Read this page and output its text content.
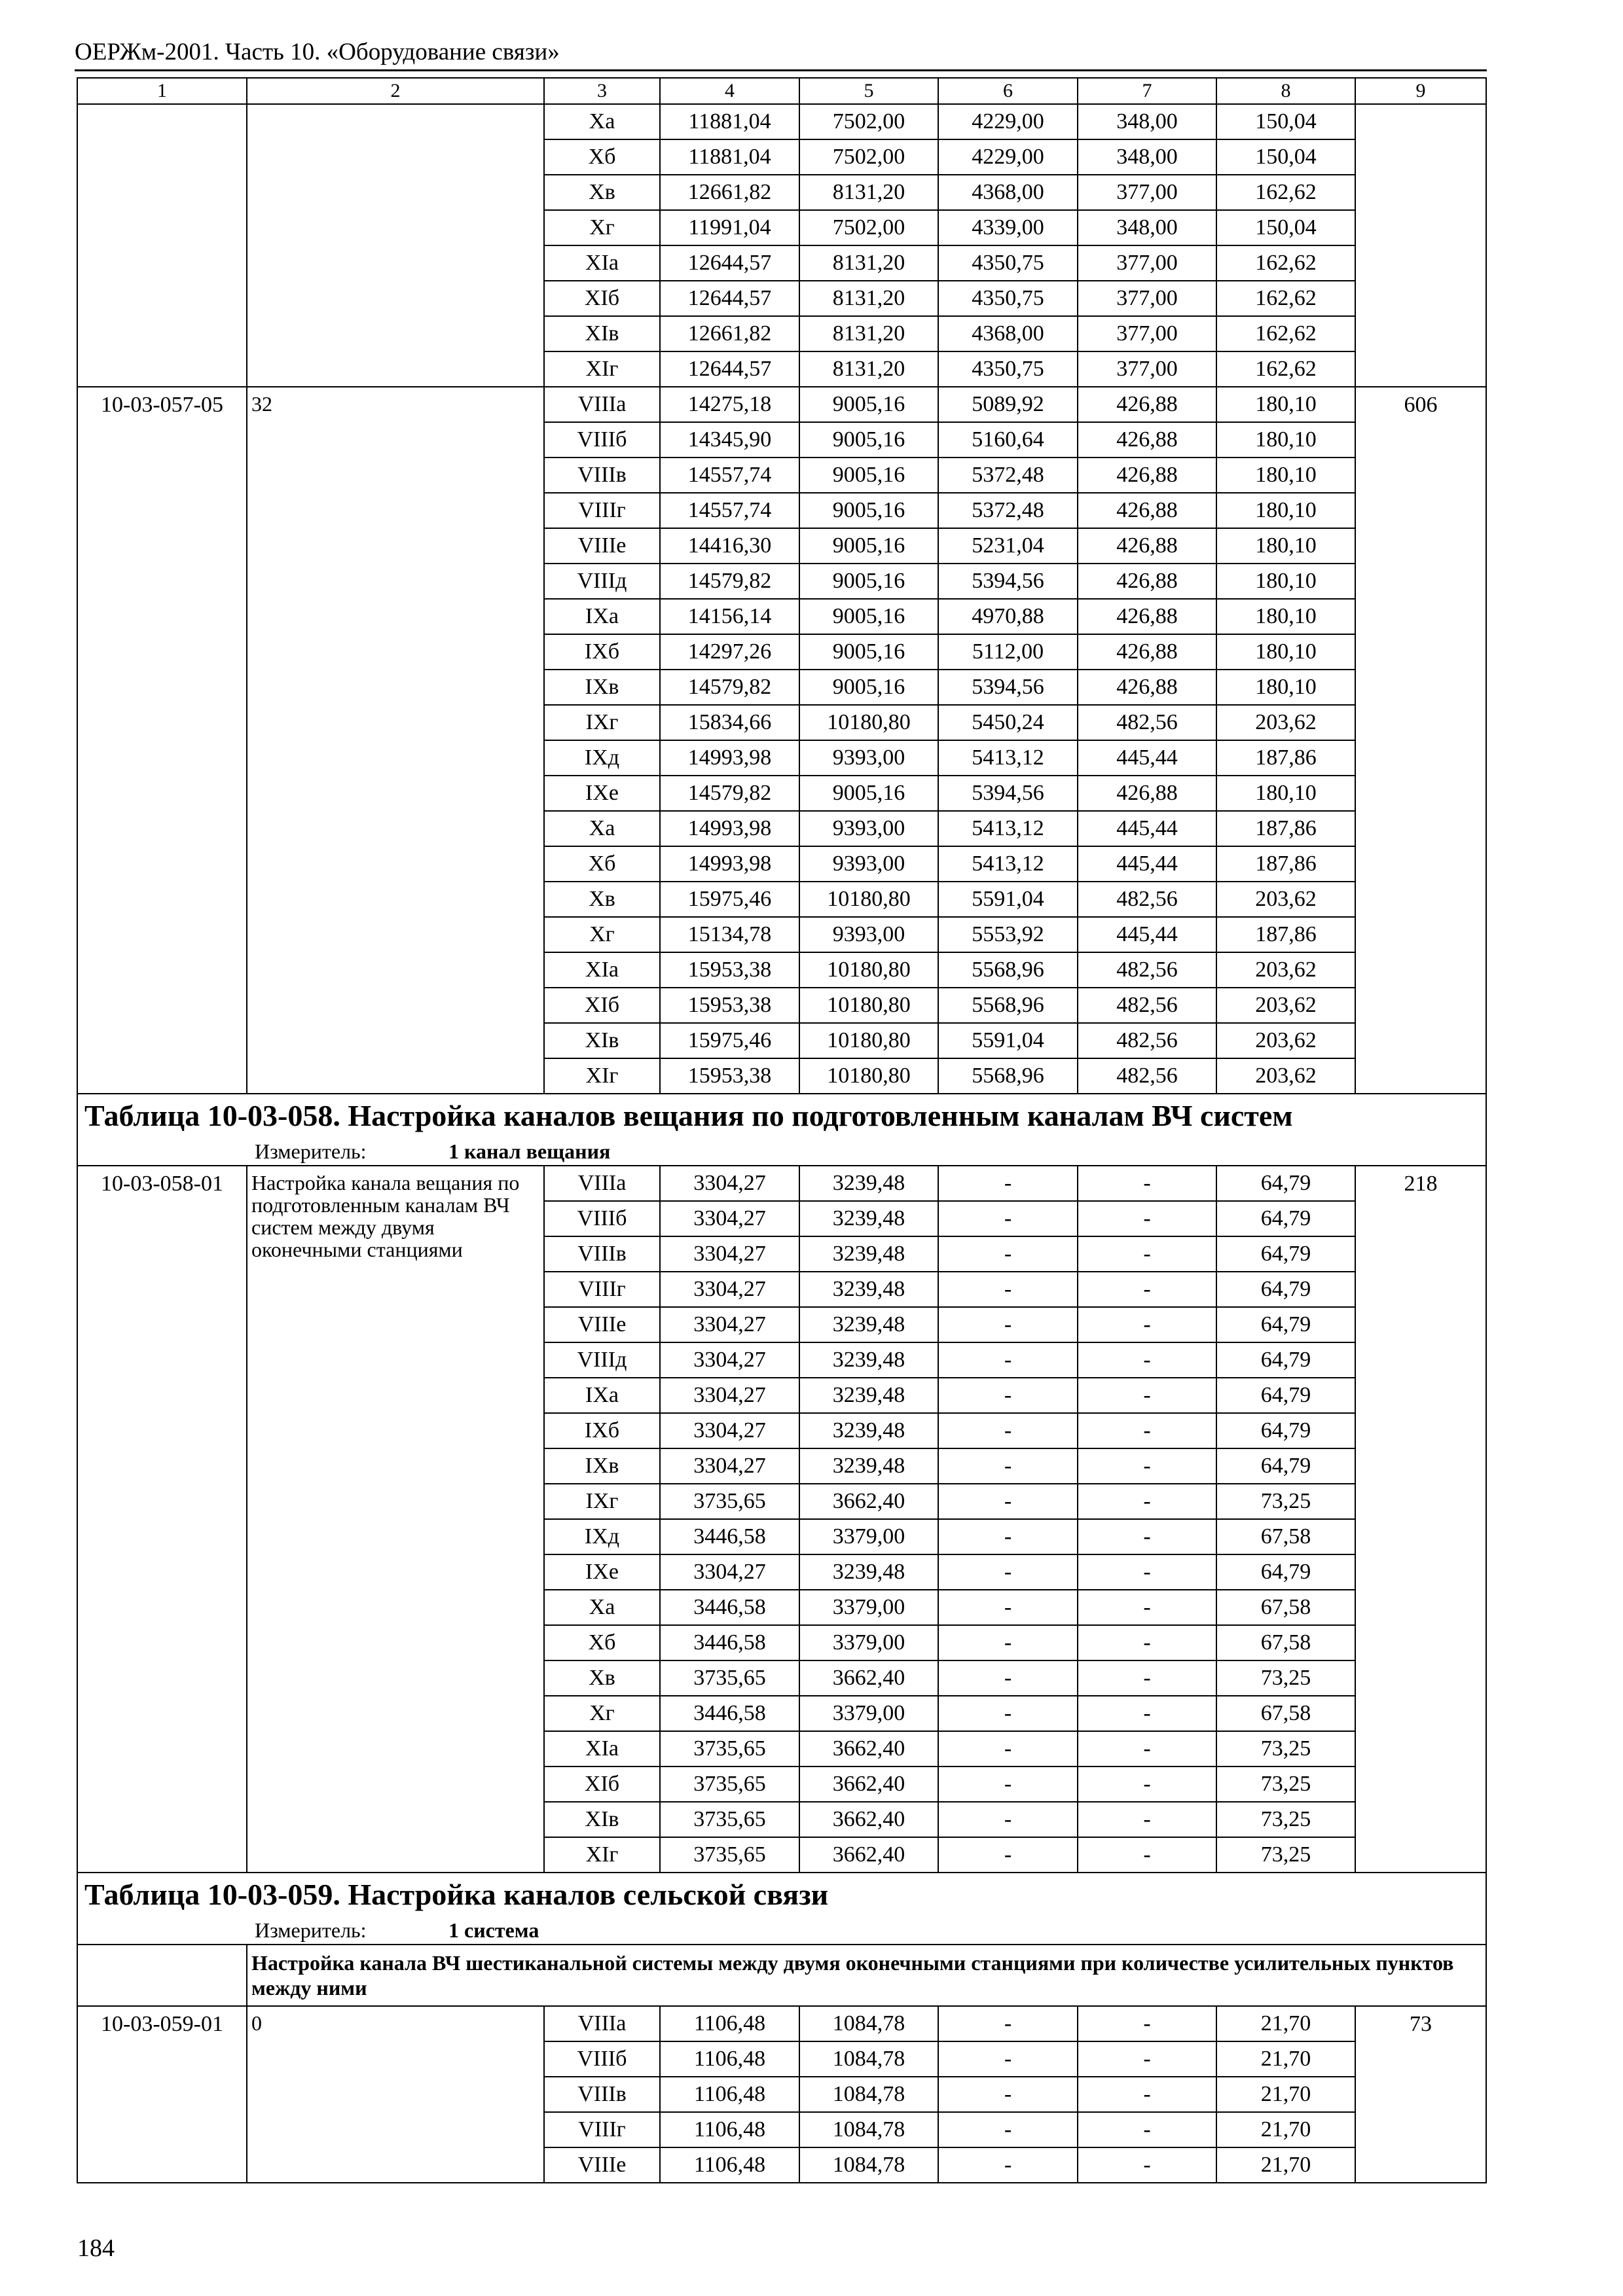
ОЕРЖм-2001. Часть 10. «Оборудование связи»
1	2	3	4	5	6	7	8	9
		Xa	11881,04	7502,00	4229,00	348,00	150,04	
		Xб	11881,04	7502,00	4229,00	348,00	150,04	
		Xв	12661,82	8131,20	4368,00	377,00	162,62	
		Xг	11991,04	7502,00	4339,00	348,00	150,04	
		XIa	12644,57	8131,20	4350,75	377,00	162,62	
		XIб	12644,57	8131,20	4350,75	377,00	162,62	
		XIв	12661,82	8131,20	4368,00	377,00	162,62	
		XIг	12644,57	8131,20	4350,75	377,00	162,62	
10-03-057-05	32	VIIIa	14275,18	9005,16	5089,92	426,88	180,10	606
		VIIIб	14345,90	9005,16	5160,64	426,88	180,10	
		VIIIв	14557,74	9005,16	5372,48	426,88	180,10	
		VIIIг	14557,74	9005,16	5372,48	426,88	180,10	
		VIIIe	14416,30	9005,16	5231,04	426,88	180,10	
		VIIIд	14579,82	9005,16	5394,56	426,88	180,10	
		IXa	14156,14	9005,16	4970,88	426,88	180,10	
		IXб	14297,26	9005,16	5112,00	426,88	180,10	
		IXв	14579,82	9005,16	5394,56	426,88	180,10	
		IXг	15834,66	10180,80	5450,24	482,56	203,62	
		IXд	14993,98	9393,00	5413,12	445,44	187,86	
		IXe	14579,82	9005,16	5394,56	426,88	180,10	
		Xa	14993,98	9393,00	5413,12	445,44	187,86	
		Xб	14993,98	9393,00	5413,12	445,44	187,86	
		Xв	15975,46	10180,80	5591,04	482,56	203,62	
		Xг	15134,78	9393,00	5553,92	445,44	187,86	
		XIa	15953,38	10180,80	5568,96	482,56	203,62	
		XIб	15953,38	10180,80	5568,96	482,56	203,62	
		XIв	15975,46	10180,80	5591,04	482,56	203,62	
		XIг	15953,38	10180,80	5568,96	482,56	203,62	
Таблица 10-03-058. Настройка каналов вещания по подготовленным каналам ВЧ систем								
Измеритель: 1 канал вещания								
10-03-058-01	Настройка канала вещания по подготовленным каналам ВЧ систем между двумя оконечными станциями	VIIIa	3304,27	3239,48	-	-	64,79	218
		VIIIб	3304,27	3239,48	-	-	64,79	
		VIIIв	3304,27	3239,48	-	-	64,79	
		VIIIг	3304,27	3239,48	-	-	64,79	
		VIIIe	3304,27	3239,48	-	-	64,79	
		VIIIд	3304,27	3239,48	-	-	64,79	
		IXa	3304,27	3239,48	-	-	64,79	
		IXб	3304,27	3239,48	-	-	64,79	
		IXв	3304,27	3239,48	-	-	64,79	
		IXг	3735,65	3662,40	-	-	73,25	
		IXд	3446,58	3379,00	-	-	67,58	
		IXe	3304,27	3239,48	-	-	64,79	
		Xa	3446,58	3379,00	-	-	67,58	
		Xб	3446,58	3379,00	-	-	67,58	
		Xв	3735,65	3662,40	-	-	73,25	
		Xг	3446,58	3379,00	-	-	67,58	
		XIa	3735,65	3662,40	-	-	73,25	
		XIб	3735,65	3662,40	-	-	73,25	
		XIв	3735,65	3662,40	-	-	73,25	
		XIг	3735,65	3662,40	-	-	73,25	
Таблица 10-03-059. Настройка каналов сельской связи								
Измеритель: 1 система								
	Настройка канала ВЧ шестиканальной системы между двумя оконечными станциями при количестве усилительных пунктов между ними							
10-03-059-01	0	VIIIa	1106,48	1084,78	-	-	21,70	73
		VIIIб	1106,48	1084,78	-	-	21,70	
		VIIIв	1106,48	1084,78	-	-	21,70	
		VIIIг	1106,48	1084,78	-	-	21,70	
		VIIIe	1106,48	1084,78	-	-	21,70	
184
